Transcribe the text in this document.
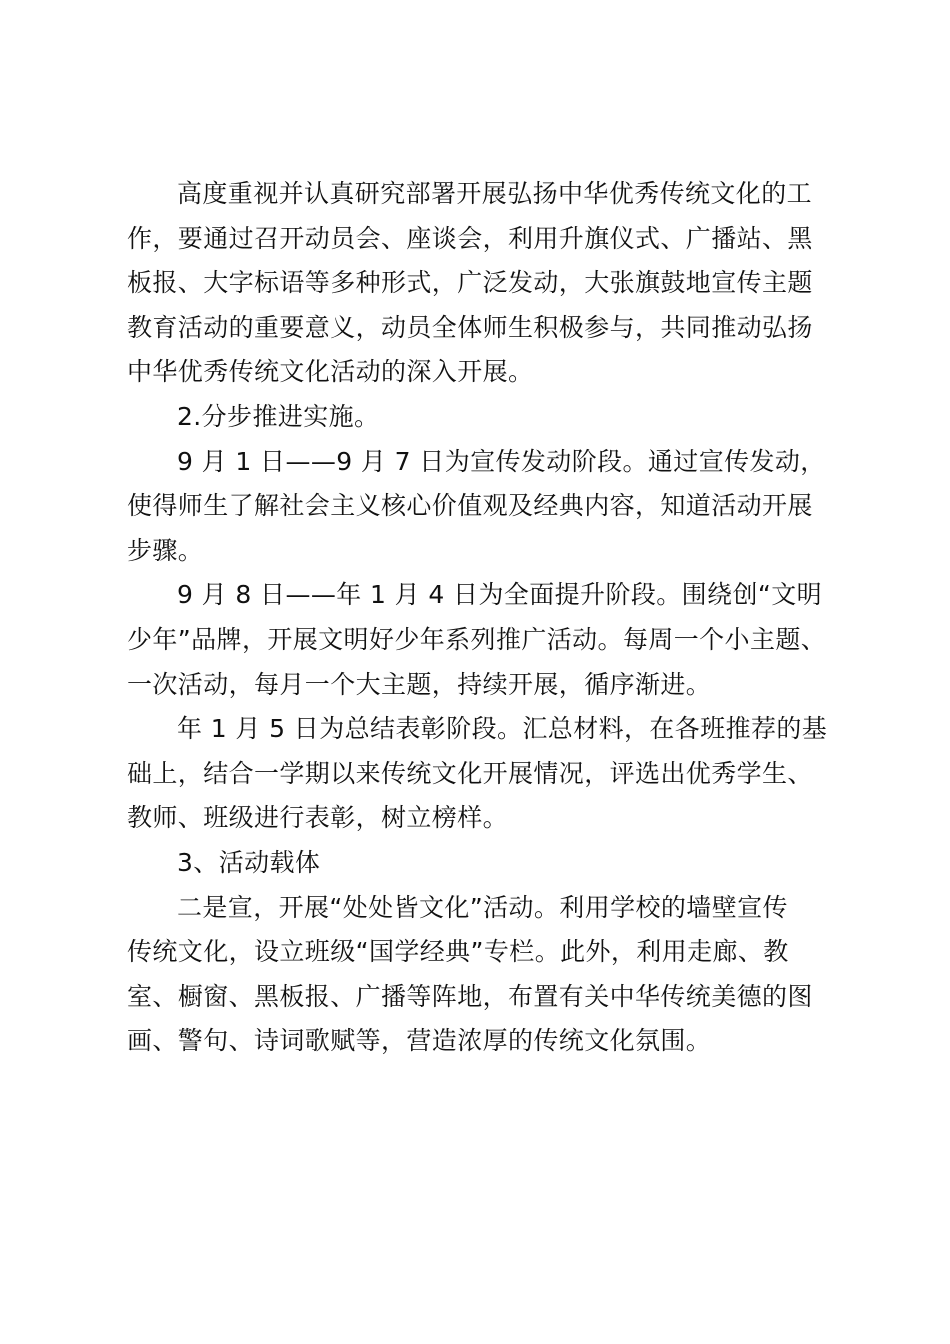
高度重视并认真研究部署开展弘扬中华优秀传统文化的工
作，要通过召开动员会、座谈会，利用升旗仪式、广播站、黑
板报、大字标语等多种形式，广泛发动，大张旗鼓地宣传主题
教育活动的重要意义，动员全体师生积极参与，共同推动弘扬
中华优秀传统文化活动的深入开展。
2.分步推进实施。
9 月 1 日——9 月 7 日为宣传发动阶段。通过宣传发动，
使得师生了解社会主义核心价值观及经典内容，知道活动开展
步骤。
9 月 8 日——年 1 月 4 日为全面提升阶段。围绕创“文明
少年”品牌，开展文明好少年系列推广活动。每周一个小主题、
一次活动，每月一个大主题，持续开展，循序渐进。
年 1 月 5 日为总结表彰阶段。汇总材料，在各班推荐的基
础上，结合一学期以来传统文化开展情况，评选出优秀学生、
教师、班级进行表彰，树立榜样。
3、活动载体
二是宣，开展“处处皆文化”活动。利用学校的墙壁宣传
传统文化，设立班级“国学经典”专栏。此外，利用走廊、教
室、橱窗、黑板报、广播等阵地，布置有关中华传统美德的图
画、警句、诗词歌赋等，营造浓厚的传统文化氛围。
